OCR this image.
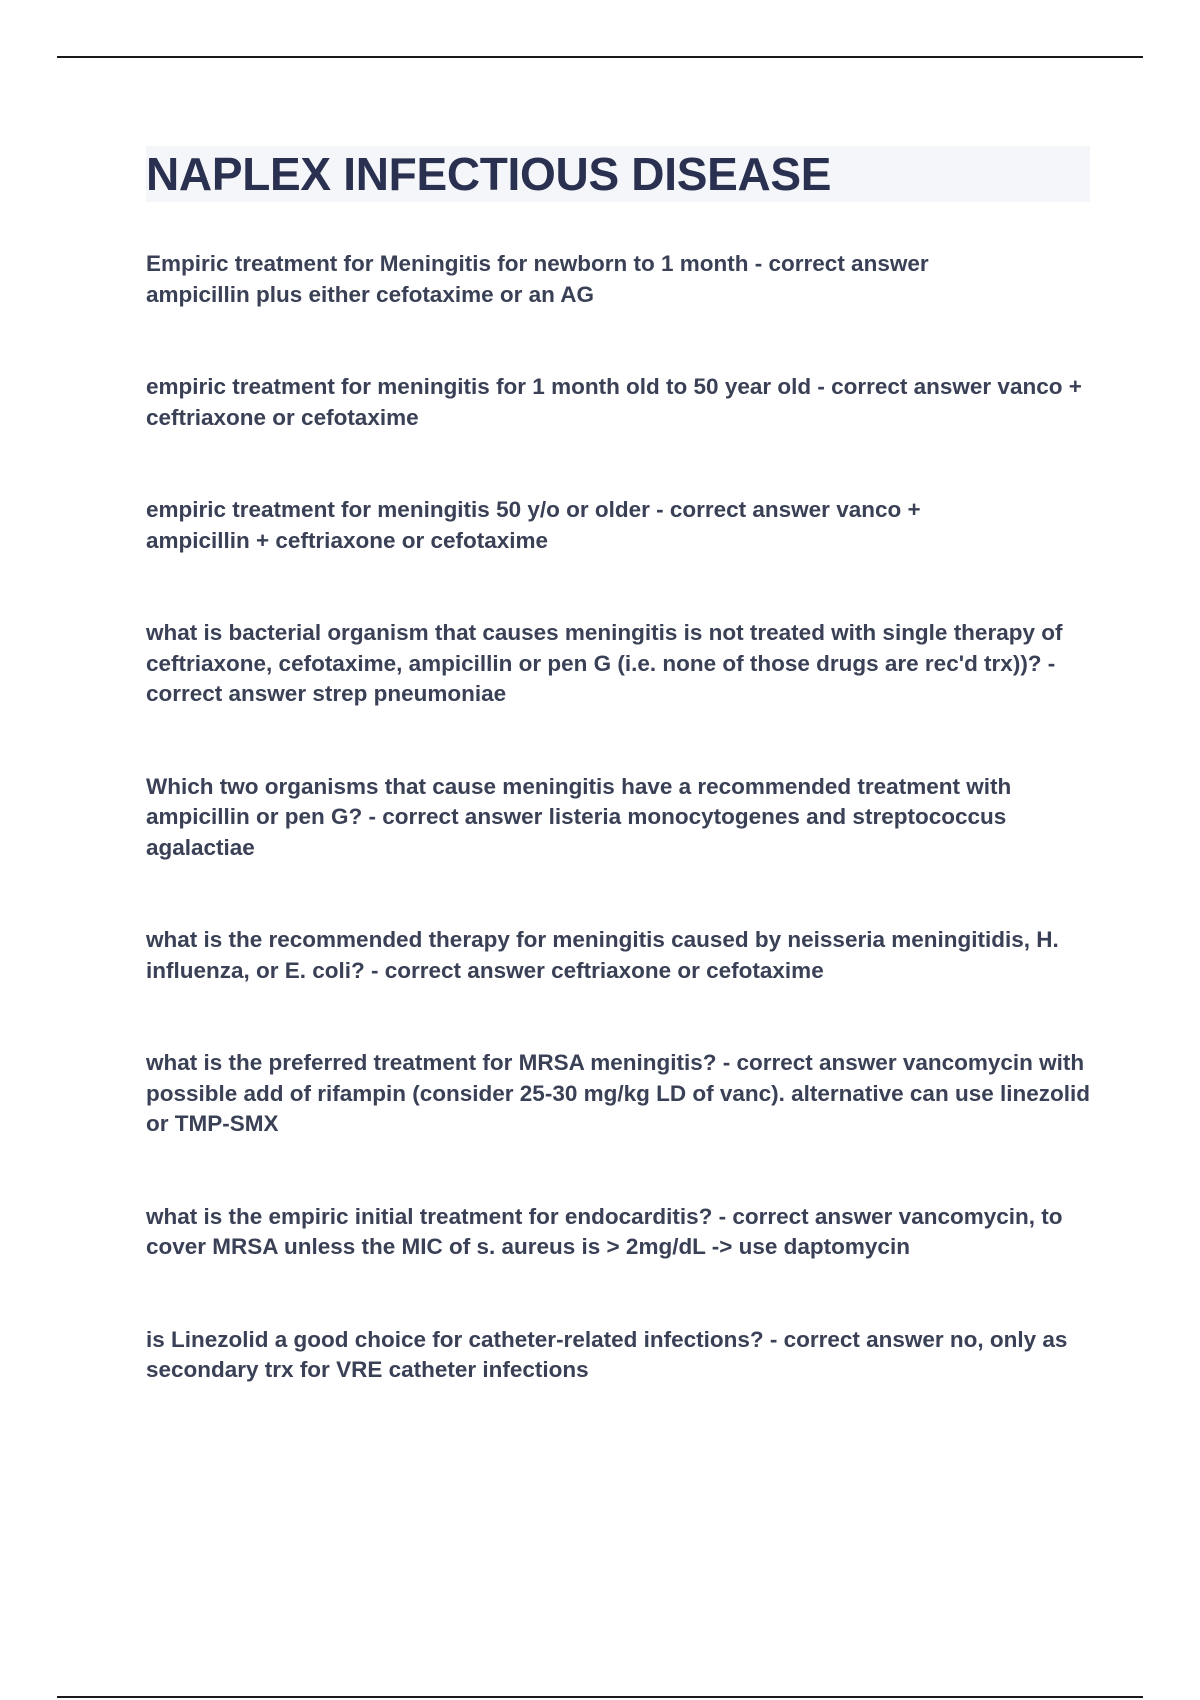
NAPLEX INFECTIOUS DISEASE

Empiric treatment for Meningitis for newborn to 1 month - correct answer ampicillin plus either cefotaxime or an AG

empiric treatment for meningitis for 1 month old to 50 year old - correct answer vanco + ceftriaxone or cefotaxime

empiric treatment for meningitis 50 y/o or older - correct answer vanco + ampicillin + ceftriaxone or cefotaxime

what is bacterial organism that causes meningitis is not treated with single therapy of ceftriaxone, cefotaxime, ampicillin or pen G (i.e. none of those drugs are rec'd trx))? - correct answer strep pneumoniae

Which two organisms that cause meningitis have a recommended treatment with ampicillin or pen G? - correct answer listeria monocytogenes and streptococcus agalactiae

what is the recommended therapy for meningitis caused by neisseria meningitidis, H. influenza, or E. coli? - correct answer ceftriaxone or cefotaxime

what is the preferred treatment for MRSA meningitis? - correct answer vancomycin with possible add of rifampin (consider 25-30 mg/kg LD of vanc). alternative can use linezolid or TMP-SMX

what is the empiric initial treatment for endocarditis? - correct answer vancomycin, to cover MRSA unless the MIC of s. aureus is > 2mg/dL -> use daptomycin

is Linezolid a good choice for catheter-related infections? - correct answer no, only as secondary trx for VRE catheter infections
